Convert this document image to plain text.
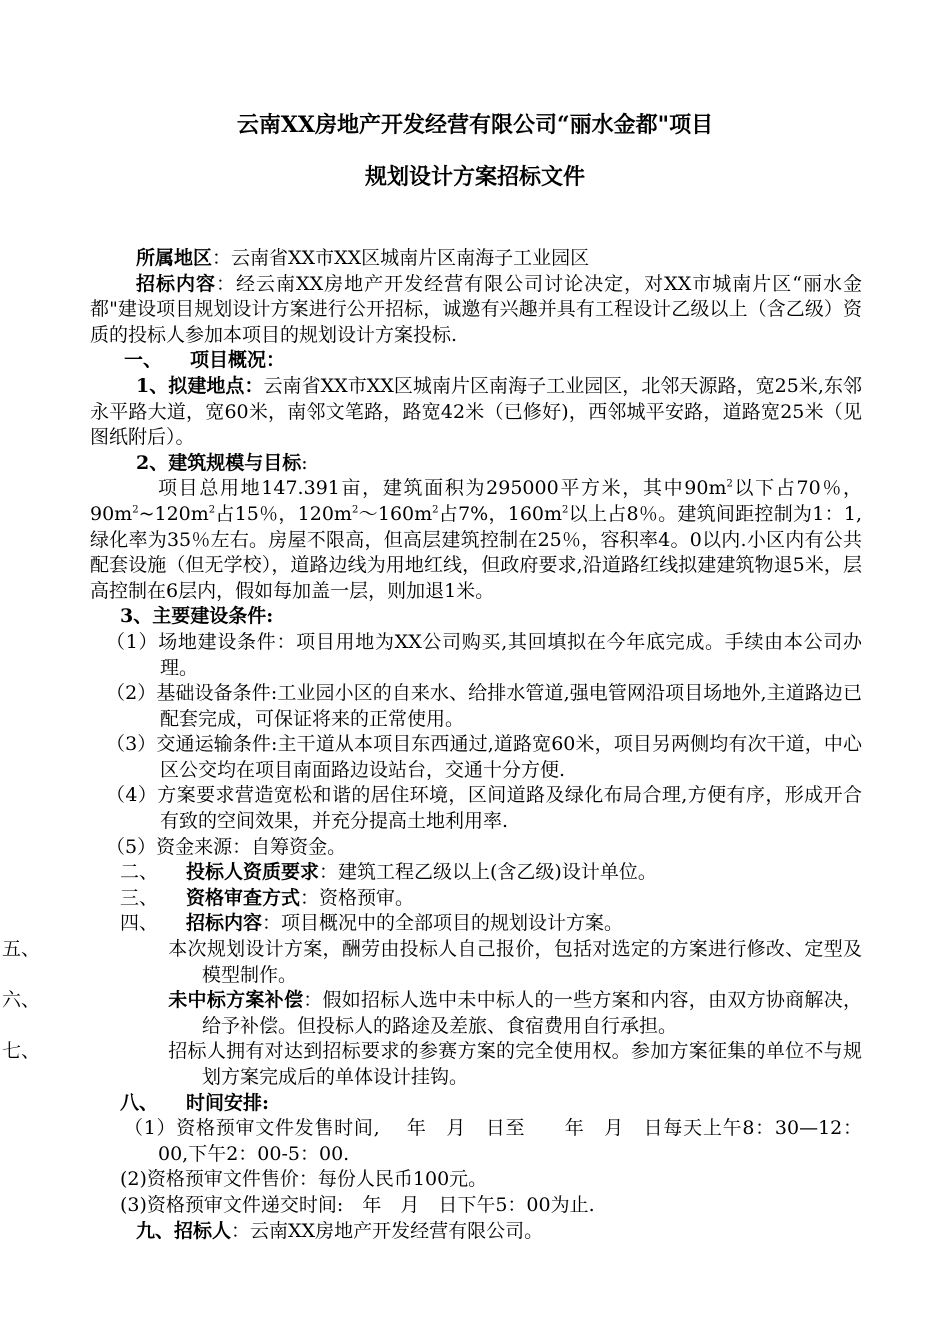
云南XX房地产开发经营有限公司“丽水金都"项目
规划设计方案招标文件

所属地区：云南省XX市XX区城南片区南海子工业园区

招标内容：经云南XX房地产开发经营有限公司讨论决定，对XX市城南片区“丽水金都"建设项目规划设计方案进行公开招标，诚邀有兴趣并具有工程设计乙级以上（含乙级）资质的投标人参加本项目的规划设计方案投标.

一、 项目概况：

1、拟建地点：云南省XX市XX区城南片区南海子工业园区，北邻天源路，宽25米,东邻永平路大道，宽60米，南邻文笔路，路宽42米（已修好)，西邻城平安路，道路宽25米（见图纸附后）。

2、建筑规模与目标:

项目总用地147.391亩，建筑面积为295000平方米，其中$90m^2$以下占70％，$90m^2\sim 120m^2$占15％，$120m^2\sim 160m^2$占7%，$160m^2$以上占8％。建筑间距控制为1：1,绿化率为35％左右。房屋不限高，但高层建筑控制在25％，容积率4。0以内.小区内有公共配套设施（但无学校），道路边线为用地红线，但政府要求,沿道路红线拟建建筑物退5米，层高控制在6层内，假如每加盖一层，则加退1米。

3、主要建设条件:

（1）场地建设条件：项目用地为XX公司购买,其回填拟在今年底完成。手续由本公司办理。

（2）基础设备条件:工业园小区的自来水、给排水管道,强电管网沿项目场地外,主道路边已配套完成，可保证将来的正常使用。

（3）交通运输条件:主干道从本项目东西通过,道路宽60米，项目另两侧均有次干道，中心区公交均在项目南面路边设站台，交通十分方便.

（4）方案要求营造宽松和谐的居住环境，区间道路及绿化布局合理,方便有序，形成开合有致的空间效果，并充分提高土地利用率.

（5）资金来源：自筹资金。

二、 投标人资质要求：建筑工程乙级以上(含乙级)设计单位。

三、 资格审查方式：资格预审。

四、 招标内容：项目概况中的全部项目的规划设计方案。

五、	本次规划设计方案，酬劳由投标人自己报价，包括对选定的方案进行修改、定型及模型制作。

六、	未中标方案补偿：假如招标人选中未中标人的一些方案和内容，由双方协商解决，给予补偿。但投标人的路途及差旅、食宿费用自行承担。

七、	招标人拥有对达到招标要求的参赛方案的完全使用权。参加方案征集的单位不与规划方案完成后的单体设计挂钩。

八、 时间安排:

（1）资格预审文件发售时间,　 年　月　日至　　年　月　日每天上午8：30—12：00,下午2：00-5：00.

(2)资格预审文件售价：每份人民币100元。

(3)资格预审文件递交时间:　年　月　日下午5：00为止.

九、招标人：云南XX房地产开发经营有限公司。
